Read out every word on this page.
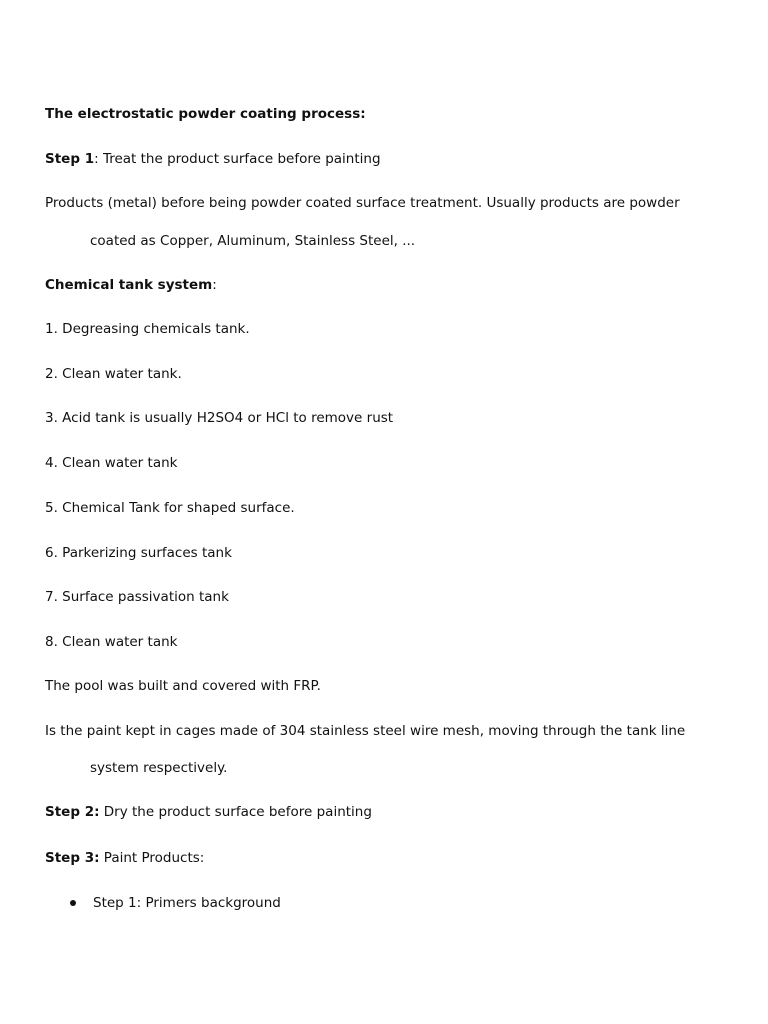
The electrostatic powder coating process:
Step 1: Treat the product surface before painting
Products (metal) before being powder coated surface treatment. Usually products are powder
coated as Copper, Aluminum, Stainless Steel, ...
Chemical tank system:
1. Degreasing chemicals tank.
2. Clean water tank.
3. Acid tank is usually H2SO4 or HCl to remove rust
4. Clean water tank
5. Chemical Tank for shaped surface.
6. Parkerizing surfaces tank
7. Surface passivation tank
8. Clean water tank
The pool was built and covered with FRP.
Is the paint kept in cages made of 304 stainless steel wire mesh, moving through the tank line
system respectively.
Step 2: Dry the product surface before painting
Step 3: Paint Products:
Step 1: Primers background
